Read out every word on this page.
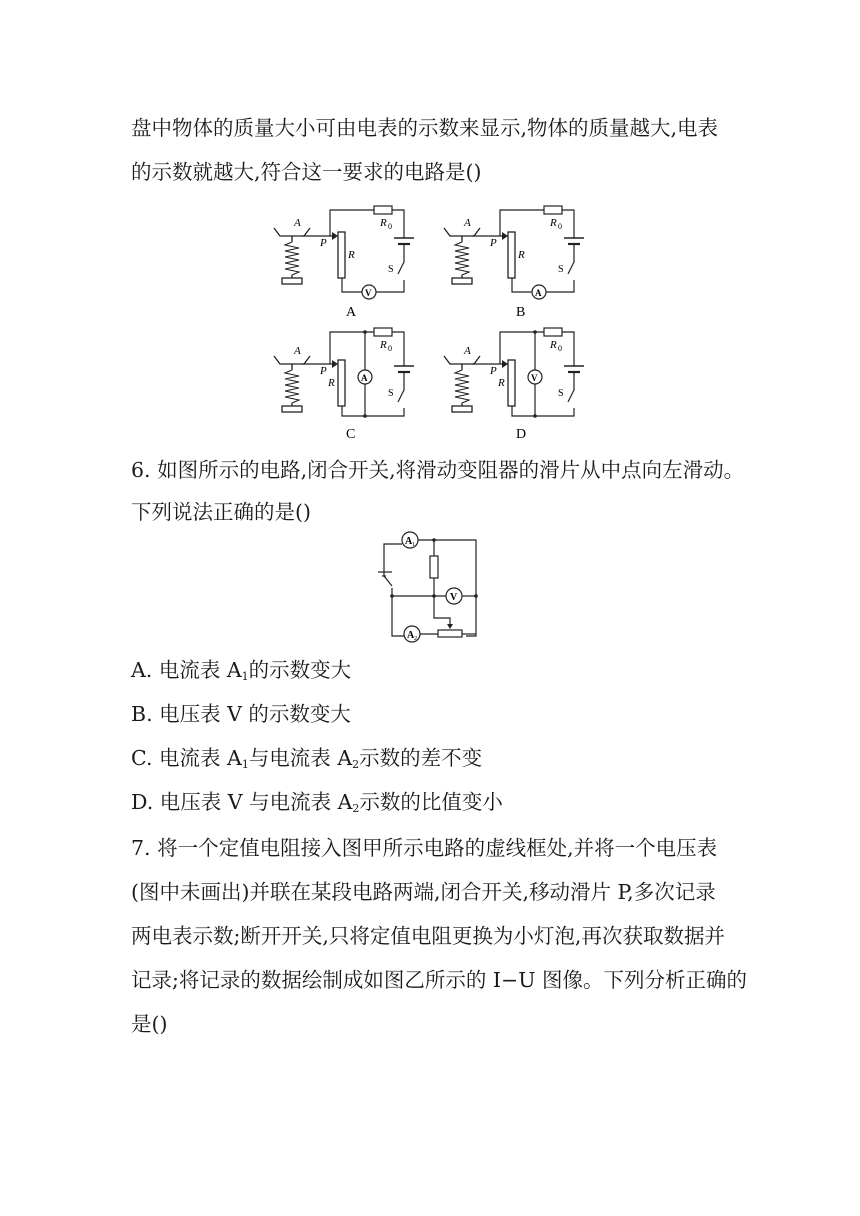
盘中物体的质量大小可由电表的示数来显示,物体的质量越大,电表
的示数就越大,符合这一要求的电路是()
A
P
R
V
R 0
S
A
A
P
R
A
R 0
S
B
A
P
R	A
R 0
S
C
A
P
R	V
R 0
S
D
6. 如图所示的电路,闭合开关,将滑动变阻器的滑片从中点向左滑动。
下列说法正确的是()
A 1
V
A 2
A. 电流表 $A_1$的示数变大
B. 电压表 V 的示数变大
C. 电流表 $A_1$与电流表 $A_2$示数的差不变
D. 电压表 V 与电流表 $A_2$示数的比值变小
7. 将一个定值电阻接入图甲所示电路的虚线框处,并将一个电压表
(图中未画出)并联在某段电路两端,闭合开关,移动滑片 P,多次记录
两电表示数;断开开关,只将定值电阻更换为小灯泡,再次获取数据并
记录;将记录的数据绘制成如图乙所示的 I−U 图像。下列分析正确的
是()
